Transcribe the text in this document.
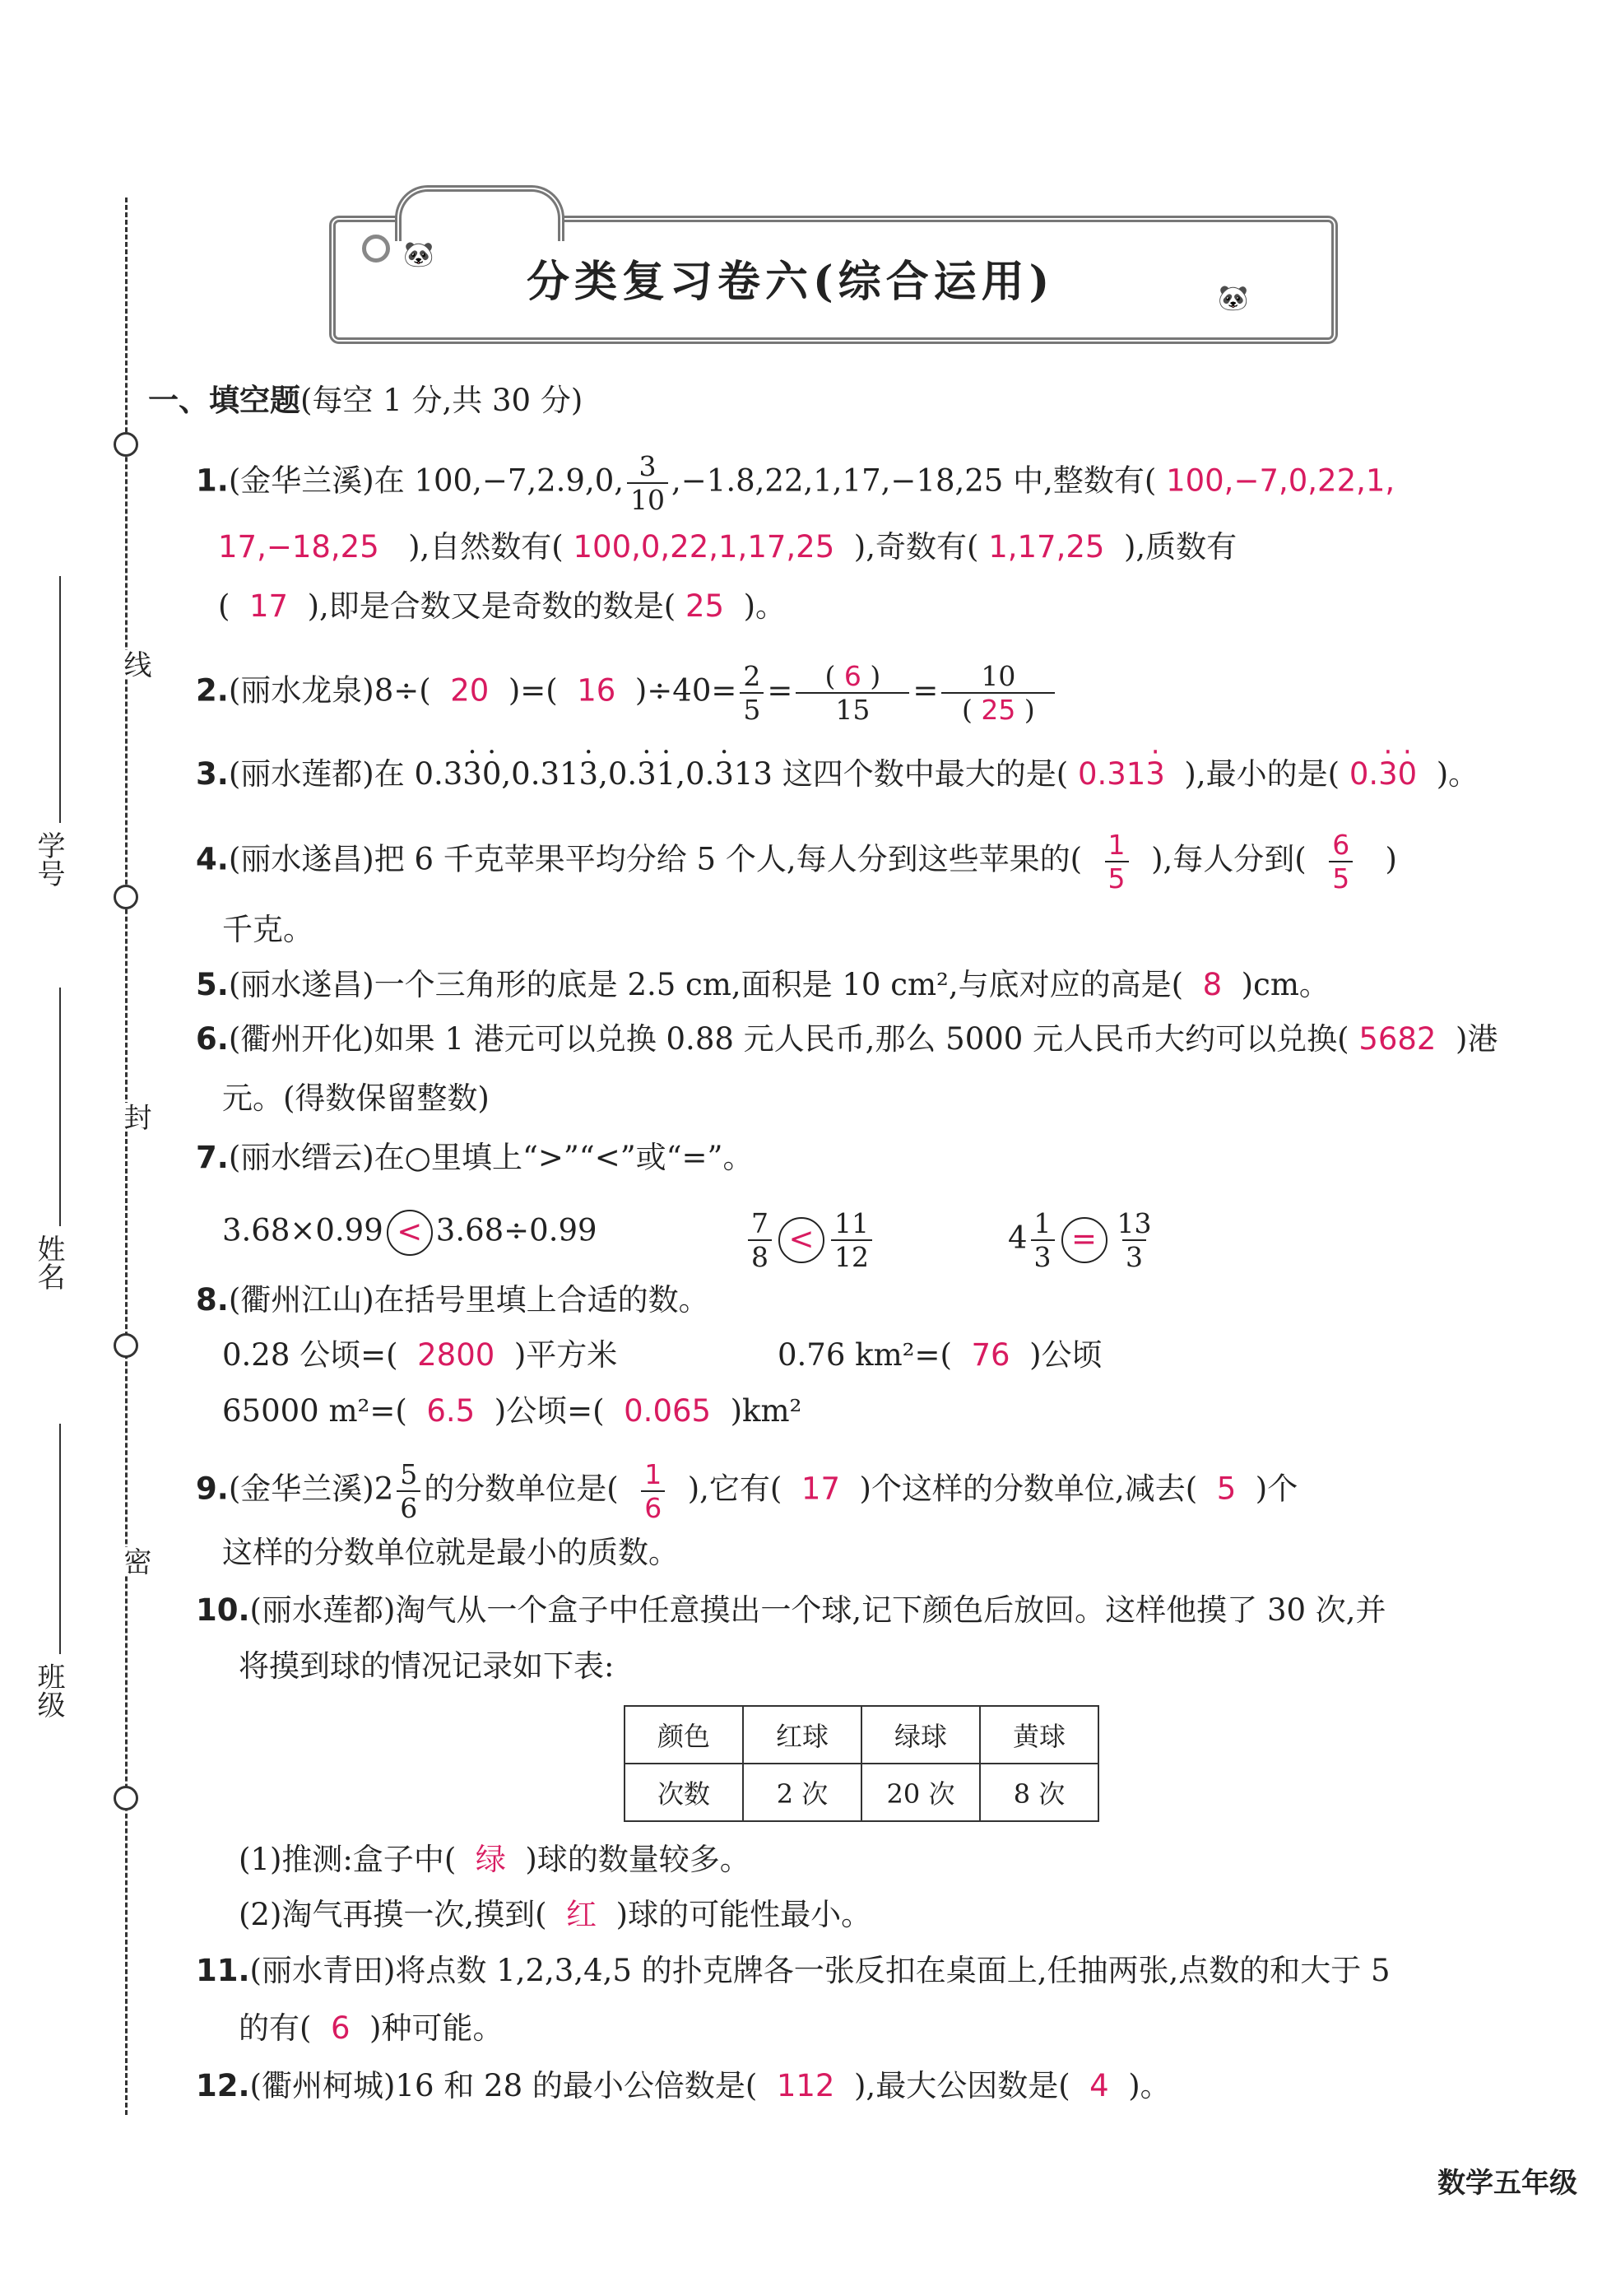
线
封
密
学号
姓名
班级
🐼
🐼
分类复习卷六(综合运用)
一、填空题(每空 1 分,共 30 分)
1.(金华兰溪)在 100,−7,2.9,0, $\frac{3}{10} ,-1.8,22,1,17,-18,25$ 中,整数有( 100,−7,0,22,1,
17,−18,25 ),自然数有( 100,0,22,1,17,25 ),奇数有( 1,17,25 ),质数有
( 17 ),即是合数又是奇数的数是( 25 )。
2.(丽水龙泉)8÷( 20 )=( 16 )$\div 40= \frac{2}{5} = \frac{( 6 )}{15} = \frac{10}{( 25 )}$
3.(丽水莲都)在 0.33 ·0 ·,0.313 ·,0.3 ·1 ·,0.3 ·13 这四个数中最大的是( 0.313 · ),最小的是( 0.3 ·0 · )。
4.(丽水遂昌)把 6 千克苹果平均分给 5 个人,每人分到这些苹果的( $\frac{1}{5}$ ),每人分到( $\frac{6}{5}$ )
千克。
5.(丽水遂昌)一个三角形的底是 2.5 cm,面积是 10 cm²,与底对应的高是( 8 )cm。
6.(衢州开化)如果 1 港元可以兑换 0.88 元人民币,那么 5000 元人民币大约可以兑换( 5682 )港
元。(得数保留整数)
7.(丽水缙云)在○里填上“>”“<”或“=”。
3.68×0.99 < 3.68÷0.99	$\frac{7}{8} < \frac{11}{12}$	$4 \frac{1}{3} = \frac{13}{3}$
8.(衢州江山)在括号里填上合适的数。
0.28 公顷=( 2800 )平方米	0.76 km²=( 76 )公顷
65000 m²=( 6.5 )公顷=( 0.065 )km²
9.(金华兰溪)$2 \frac{5}{6}$ 的分数单位是( $\frac{1}{6}$ ),它有( 17 )个这样的分数单位,减去( 5 )个
这样的分数单位就是最小的质数。
10.(丽水莲都)淘气从一个盒子中任意摸出一个球,记下颜色后放回。这样他摸了 30 次,并
将摸到球的情况记录如下表:
颜色	红球	绿球	黄球
次数	2 次	20 次	8 次
(1)推测:盒子中( 绿 )球的数量较多。
(2)淘气再摸一次,摸到( 红 )球的可能性最小。
11.(丽水青田)将点数 1,2,3,4,5 的扑克牌各一张反扣在桌面上,任抽两张,点数的和大于 5
的有( 6 )种可能。
12.(衢州柯城)16 和 28 的最小公倍数是( 112 ),最大公因数是( 4 )。
数学五年级
